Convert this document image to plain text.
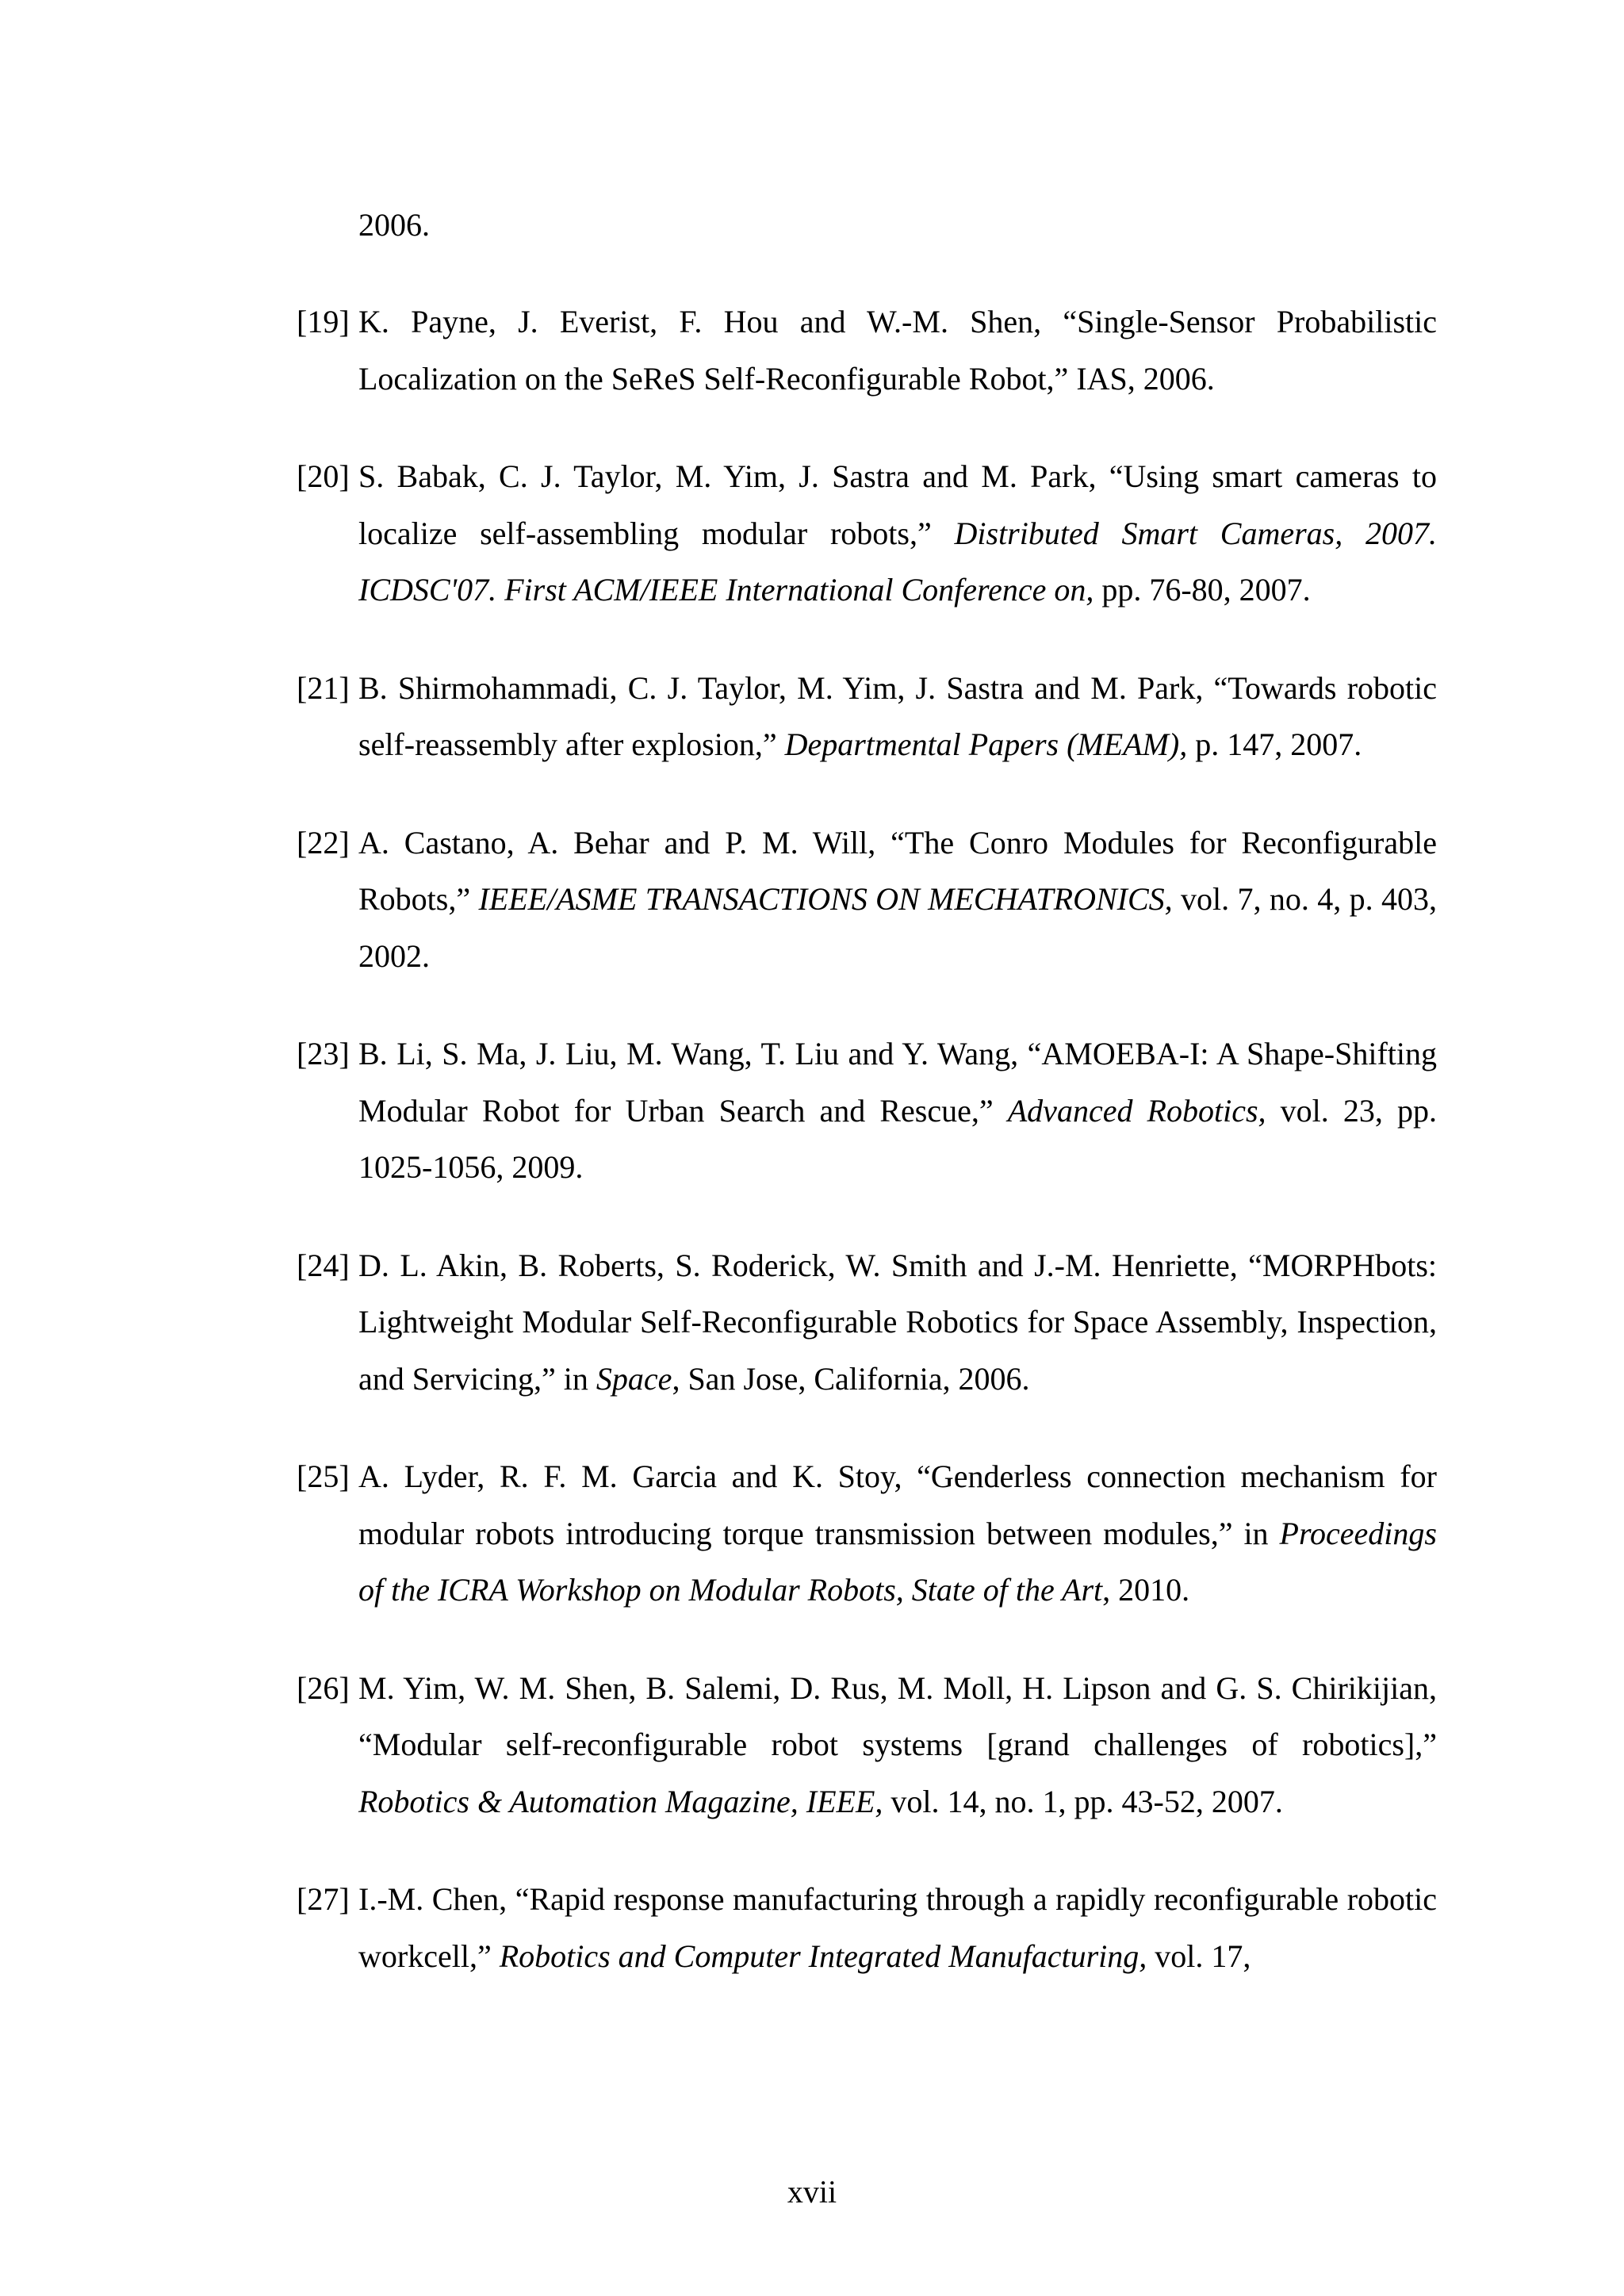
2006.
[19] K. Payne, J. Everist, F. Hou and W.-M. Shen, “Single-Sensor Probabilistic Localization on the SeReS Self-Reconfigurable Robot,” IAS, 2006.
[20] S. Babak, C. J. Taylor, M. Yim, J. Sastra and M. Park, “Using smart cameras to localize self-assembling modular robots,” Distributed Smart Cameras, 2007. ICDSC'07. First ACM/IEEE International Conference on, pp. 76-80, 2007.
[21] B. Shirmohammadi, C. J. Taylor, M. Yim, J. Sastra and M. Park, “Towards robotic self-reassembly after explosion,” Departmental Papers (MEAM), p. 147, 2007.
[22] A. Castano, A. Behar and P. M. Will, “The Conro Modules for Reconfigurable Robots,” IEEE/ASME TRANSACTIONS ON MECHATRONICS, vol. 7, no. 4, p. 403, 2002.
[23] B. Li, S. Ma, J. Liu, M. Wang, T. Liu and Y. Wang, “AMOEBA-I: A Shape-Shifting Modular Robot for Urban Search and Rescue,” Advanced Robotics, vol. 23, pp. 1025-1056, 2009.
[24] D. L. Akin, B. Roberts, S. Roderick, W. Smith and J.-M. Henriette, “MORPHbots: Lightweight Modular Self-Reconfigurable Robotics for Space Assembly, Inspection, and Servicing,” in Space, San Jose, California, 2006.
[25] A. Lyder, R. F. M. Garcia and K. Stoy, “Genderless connection mechanism for modular robots introducing torque transmission between modules,” in Proceedings of the ICRA Workshop on Modular Robots, State of the Art, 2010.
[26] M. Yim, W. M. Shen, B. Salemi, D. Rus, M. Moll, H. Lipson and G. S. Chirikijian, “Modular self-reconfigurable robot systems [grand challenges of robotics],” Robotics & Automation Magazine, IEEE, vol. 14, no. 1, pp. 43-52, 2007.
[27] I.-M. Chen, “Rapid response manufacturing through a rapidly reconfigurable robotic workcell,” Robotics and Computer Integrated Manufacturing, vol. 17,
xvii
